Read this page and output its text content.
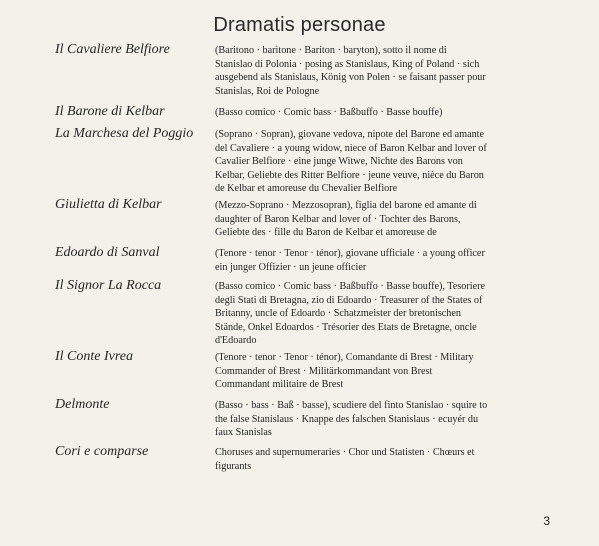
Dramatis personae
Il Cavaliere Belfiore	(Baritono · baritone · Bariton · baryton), sotto il nome di
Stanislao di Polonia · posing as Stanislaus, King of Poland · sich
ausgebend als Stanislaus, König von Polen · se faisant passer pour
Stanislas, Roi de Pologne
Il Barone di Kelbar	(Basso comico · Comic bass · Baßbuffo · Basse bouffe)
La Marchesa del Poggio	(Soprano · Sopran), giovane vedova, nipote del Barone ed amante
del Cavaliere · a young widow, niece of Baron Kelbar and lover of
Cavalier Belfiore · eine junge Witwe, Nichte des Barons von
Kelbar, Geliebte des Ritter Belfiore · jeune veuve, nièce du Baron
de Kelbar et amoreuse du Chevalier Belfiore
Giulietta di Kelbar	(Mezzo-Soprano · Mezzosopran), figlia del barone ed amante di
daughter of Baron Kelbar and lover of · Tochter des Barons,
Geliebte des · fille du Baron de Kelbar et amoreuse de
Edoardo di Sanval	(Tenore · tenor · Tenor · ténor), giovane ufficiale · a young officer
ein junger Offizier · un jeune officier
Il Signor La Rocca	(Basso comico · Comic bass · Baßbuffo · Basse bouffe), Tesoriere
degli Stati di Bretagna, zio di Edoardo · Treasurer of the States of
Britanny, uncle of Edoardo · Schatzmeister der bretonischen
Stände, Onkel Edoardos · Trésorier des Etats de Bretagne, oncle
d'Edoardo
Il Conte Ivrea	(Tenore · tenor · Tenor · ténor), Comandante di Brest · Military
Commander of Brest · Militärkommandant von Brest
Commandant militaire de Brest
Delmonte	(Basso · bass · Baß · basse), scudiere del finto Stanislao · squire to
the false Stanislaus · Knappe des falschen Stanislaus · ecuyér du
faux Stanislas
Cori e comparse	Choruses and supernumeraries · Chor und Statisten · Chœurs et
figurants
3
